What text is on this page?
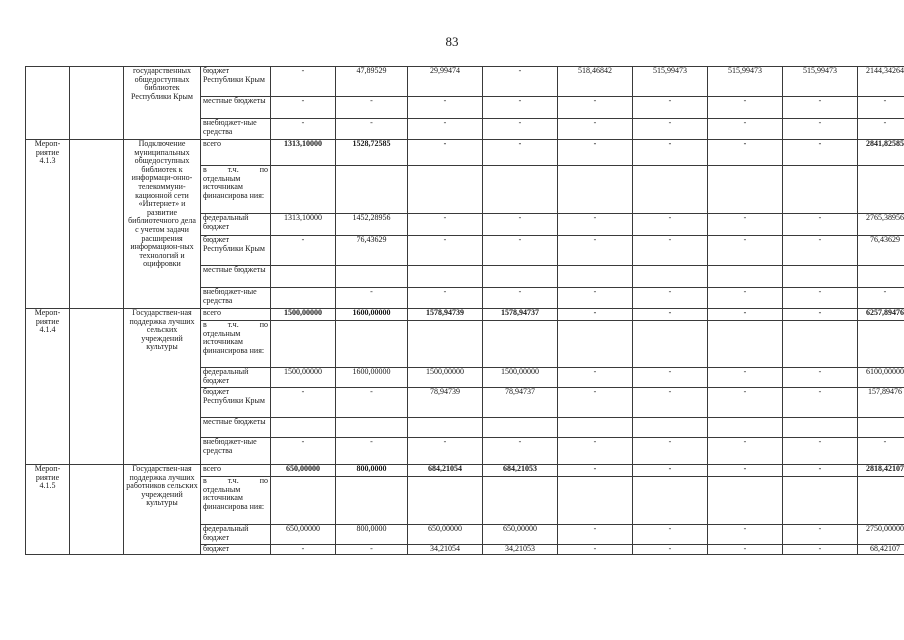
83
		государственных общедоступных библиотек Республики Крым	бюджет Республики Крым	-	47,89529	29,99474	-	518,46842	515,99473	515,99473	515,99473	2144,34264
			местные бюджеты	-	-	-	-	-	-	-	-	-
			внебюджет-ные средства	-	-	-	-	-	-	-	-	-
Мероп-риятие 4.1.3		Подключение муниципальных общедоступных библиотек к информаци-онно-телекоммуни-кационной сети «Интернет» и развитие библиотечного дела с учетом задачи расширения информацион-ных технологий и оцифровки	всего	1313,10000	1528,72585	-	-	-	-	-	-	2841,82585
			в т.ч. по отдельным источникам финансирова ния:									
			федеральный бюджет	1313,10000	1452,28956	-	-	-	-	-	-	2765,38956
			бюджет Республики Крым	-	76,43629	-	-	-	-	-	-	76,43629
			местные бюджеты									
			внебюджет-ные средства		-	-	-	-	-	-	-	-
Мероп-риятие 4.1.4		Государствен-ная поддержка лучших сельских учреждений культуры	всего	1500,00000	1600,00000	1578,94739	1578,94737	-	-	-	-	6257,89476
			в т.ч. по отдельным источникам финансирова ния:									
			федеральный бюджет	1500,00000	1600,00000	1500,00000	1500,00000	-	-	-	-	6100,00000
			бюджет Республики Крым	-	-	78,94739	78,94737	-	-	-	-	157,89476
			местные бюджеты									
			внебюджет-ные средства	-	-	-	-	-	-	-	-	-
Мероп-риятие 4.1.5		Государствен-ная поддержка лучших работников сельских учреждений культуры	всего	650,00000	800,0000	684,21054	684,21053	-	-	-	-	2818,42107
			в т.ч. по отдельным источникам финансирова ния:									
			федеральный бюджет	650,00000	800,0000	650,00000	650,00000	-	-	-	-	2750,00000
			бюджет	-	-	34,21054	34,21053	-	-	-	-	68,42107
